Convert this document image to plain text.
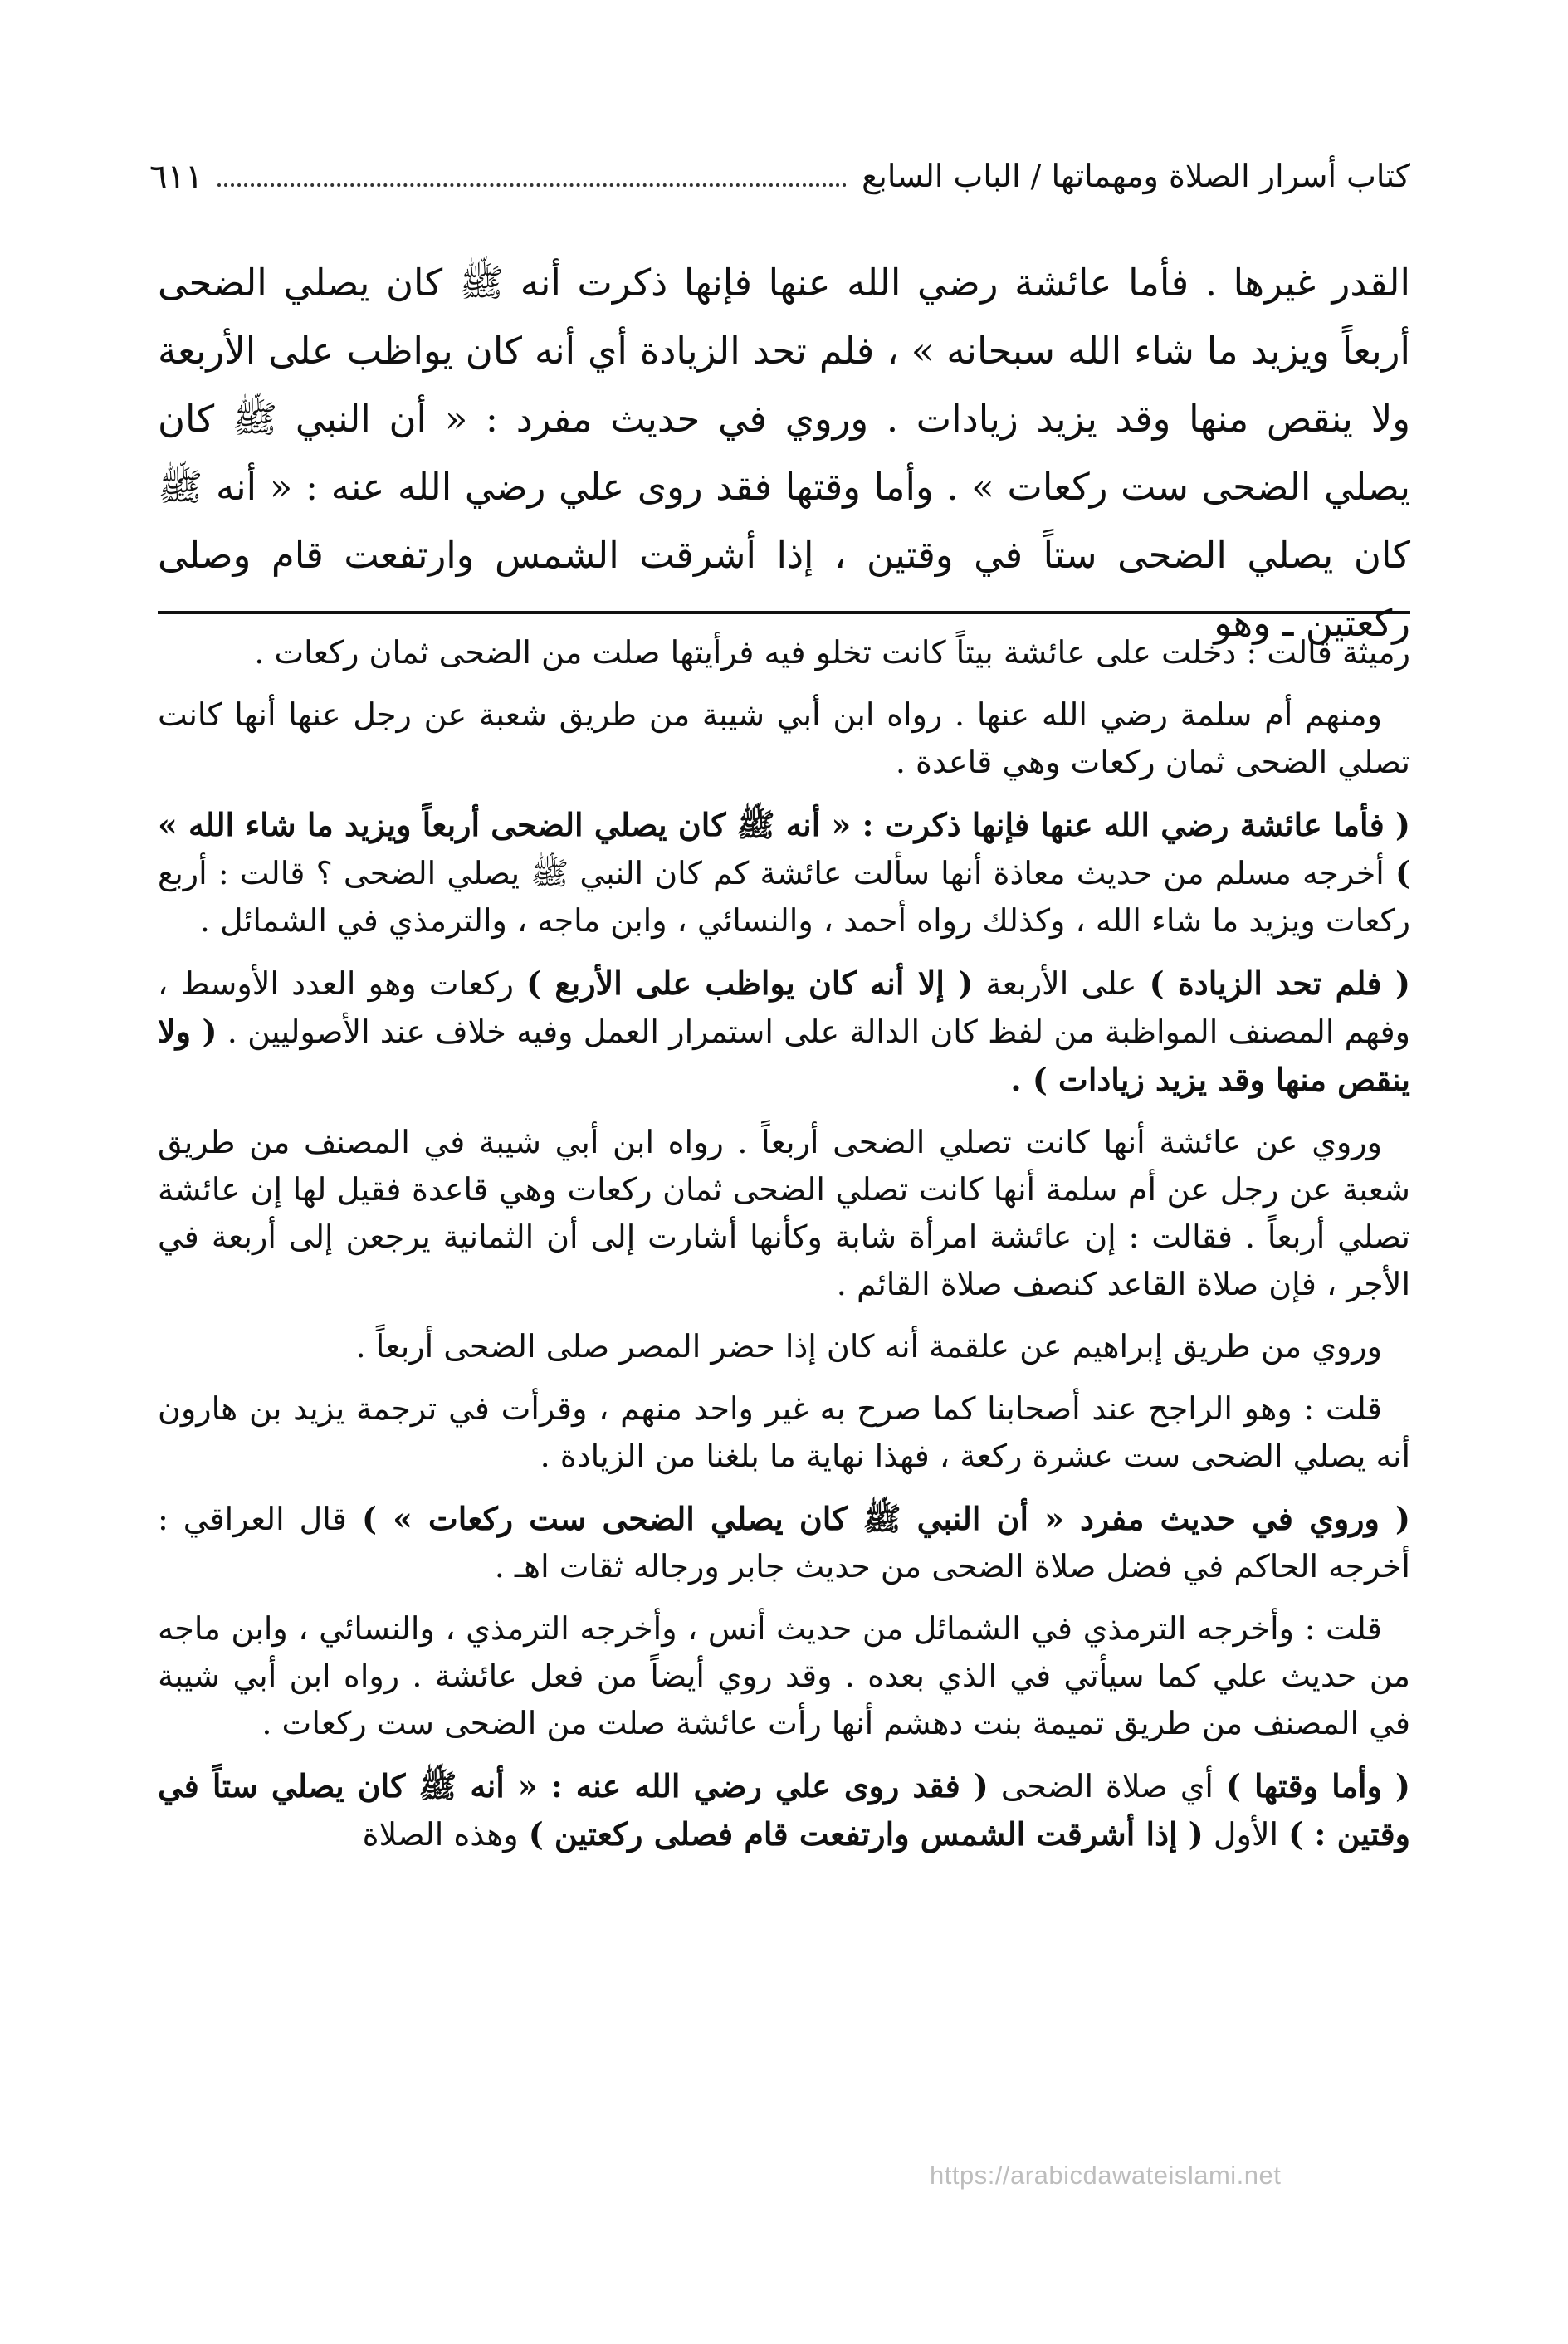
كتاب أسرار الصلاة ومهماتها / الباب السابع
٦١١
القدر غيرها . فأما عائشة رضي الله عنها فإنها ذكرت أنه ﷺ كان يصلي الضحى أربعاً ويزيد ما شاء الله سبحانه » ، فلم تحد الزيادة أي أنه كان يواظب على الأربعة ولا ينقص منها وقد يزيد زيادات . وروي في حديث مفرد : « أن النبي ﷺ كان يصلي الضحى ست ركعات » . وأما وقتها فقد روى علي رضي الله عنه : « أنه ﷺ كان يصلي الضحى ستاً في وقتين ، إذا أشرقت الشمس وارتفعت قام وصلى ركعتين ـ وهو

رميثة قالت : دخلت على عائشة بيتاً كانت تخلو فيه فرأيتها صلت من الضحى ثمان ركعات .

ومنهم أم سلمة رضي الله عنها . رواه ابن أبي شيبة من طريق شعبة عن رجل عنها أنها كانت تصلي الضحى ثمان ركعات وهي قاعدة .

( فأما عائشة رضي الله عنها فإنها ذكرت : « أنه ﷺ كان يصلي الضحى أربعاً ويزيد ما شاء الله » ) أخرجه مسلم من حديث معاذة أنها سألت عائشة كم كان النبي ﷺ يصلي الضحى ؟ قالت : أربع ركعات ويزيد ما شاء الله ، وكذلك رواه أحمد ، والنسائي ، وابن ماجه ، والترمذي في الشمائل .

( فلم تحد الزيادة ) على الأربعة ( إلا أنه كان يواظب على الأربع ) ركعات وهو العدد الأوسط ، وفهم المصنف المواظبة من لفظ كان الدالة على استمرار العمل وفيه خلاف عند الأصوليين . ( ولا ينقص منها وقد يزيد زيادات ) .

وروي عن عائشة أنها كانت تصلي الضحى أربعاً . رواه ابن أبي شيبة في المصنف من طريق شعبة عن رجل عن أم سلمة أنها كانت تصلي الضحى ثمان ركعات وهي قاعدة فقيل لها إن عائشة تصلي أربعاً . فقالت : إن عائشة امرأة شابة وكأنها أشارت إلى أن الثمانية يرجعن إلى أربعة في الأجر ، فإن صلاة القاعد كنصف صلاة القائم .

وروي من طريق إبراهيم عن علقمة أنه كان إذا حضر المصر صلى الضحى أربعاً .

قلت : وهو الراجح عند أصحابنا كما صرح به غير واحد منهم ، وقرأت في ترجمة يزيد بن هارون أنه يصلي الضحى ست عشرة ركعة ، فهذا نهاية ما بلغنا من الزيادة .

( وروي في حديث مفرد « أن النبي ﷺ كان يصلي الضحى ست ركعات » ) قال العراقي : أخرجه الحاكم في فضل صلاة الضحى من حديث جابر ورجاله ثقات اهـ .

قلت : وأخرجه الترمذي في الشمائل من حديث أنس ، وأخرجه الترمذي ، والنسائي ، وابن ماجه من حديث علي كما سيأتي في الذي بعده . وقد روي أيضاً من فعل عائشة . رواه ابن أبي شيبة في المصنف من طريق تميمة بنت دهشم أنها رأت عائشة صلت من الضحى ست ركعات .

( وأما وقتها ) أي صلاة الضحى ( فقد روى علي رضي الله عنه : « أنه ﷺ كان يصلي ستاً في وقتين : ) الأول ( إذا أشرقت الشمس وارتفعت قام فصلى ركعتين ) وهذه الصلاة

https://arabicdawateislami.net
